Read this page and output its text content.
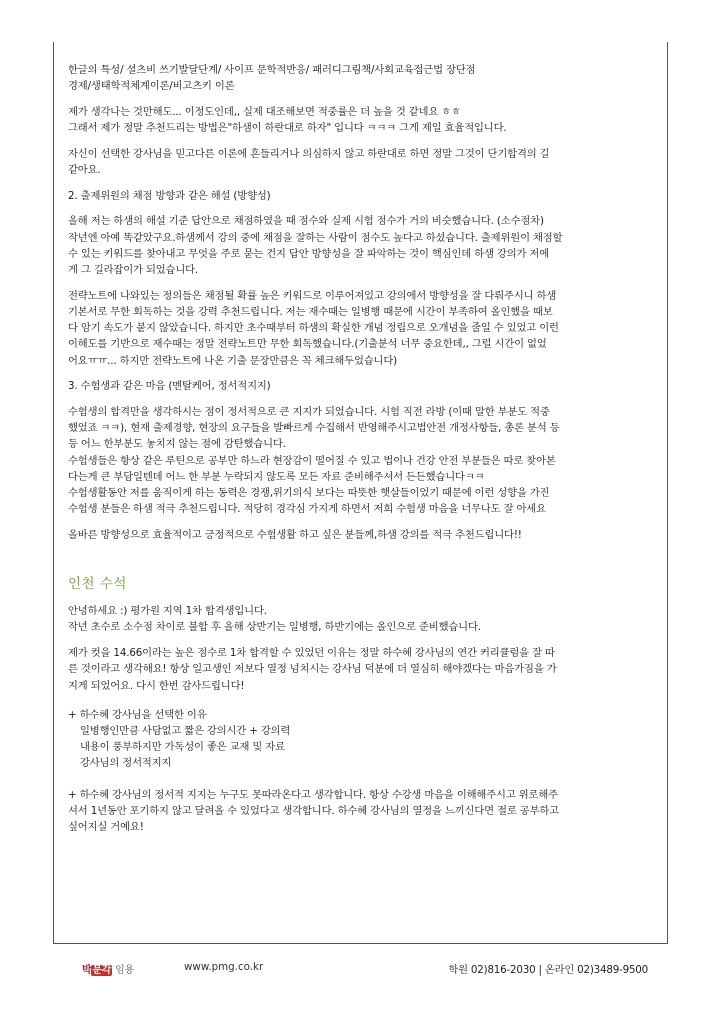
한글의 특성/ 셜츠비 쓰기발달단계/ 사이프 문학적반응/ 패러디그림책/사회교육접근법 장단점
경제/생태학적체계이론/비고츠키 이론

제가 생각나는 것만해도... 이정도인데,, 실제 대조해보면 적중률은 더 높을 것 같네요 ㅎㅎ
그래서 제가 정말 추천드리는 방법은"하샘이 하란대로 하자" 입니다 ㅋㅋㅋ 그게 제일 효율적입니다.

자신이 선택한 강사님을 믿고다른 이론에 흔들리거나 의심하지 않고 하란대로 하면 정말 그것이 단기합격의 길
같아요.

2. 출제위원의 채점 방향과 같은 해설 (방향성)

올해 저는 하샘의 해설 기준 답안으로 채점하였을 때 점수와 실제 시험 점수가 거의 비슷했습니다. (소수점차)
작년엔 아예 똑같았구요.하샘께서 강의 중에 채점을 잘하는 사람이 점수도 높다고 하셨습니다. 출제위원이 채점할
수 있는 키워드를 찾아내고 무엇을 주로 묻는 건지 답안 방향성을 잘 파악하는 것이 핵심인데 하샘 강의가 저에
게 그 길라잡이가 되었습니다.

전략노트에 나와있는 정의들은 채점될 확률 높은 키워드로 이루어져있고 강의에서 방향성을 잘 다뤄주시니 하샘
기본서로 무한 회독하는 것을 강력 추천드립니다. 저는 재수때는 일병행 때문에 시간이 부족하여 올인했을 때보
다 암기 속도가 붙지 않았습니다. 하지만 초수때부터 하샘의 확실한 개념 정립으로 오개념을 줄일 수 있었고 이런
이해도를 기반으로 재수때는 정말 전략노트만 무한 회독했습니다.(기출분석 너무 중요한데,, 그럴 시간이 없었
어요ㅠㅠ... 하지만 전략노트에 나온 기출 문장만큼은 꼭 체크해두었습니다)

3. 수험생과 같은 마음 (멘탈케어, 정서적지지)

수험생의 합격만을 생각하시는 점이 정서적으로 큰 지지가 되었습니다. 시험 직전 라방 (이때 말한 부분도 적중
했었죠 ㅋㅋ), 현재 출제경향, 현장의 요구들을 발빠르게 수집해서 반영해주시고법안전 개정사항들, 총론 분석 등
등 어느 한부분도 놓치지 않는 점에 감탄했습니다.
수험생들은 항상 같은 루틴으로 공부만 하느라 현장감이 떨어질 수 있고 법이나 건강 안전 부분들은 따로 찾아본
다는게 큰 부담일텐데 어느 한 부분 누락되지 않도록 모든 자료 준비해주셔서 든든했습니다ㅋㅋ
수험생활동안 저를 움직이게 하는 동력은 경쟁,위기의식 보다는 따뜻한 햇살들이었기 때문에 이런 성향을 가진
수험생 분들은 하샘 적극 추천드립니다. 적당히 경각심 가지게 하면서 저희 수험생 마음을 너무나도 잘 아세요

올바른 방향성으로 효율적이고 긍정적으로 수험생활 하고 싶은 분들께,하샘 강의를 적극 추천드립니다!!

인천 수석

안녕하세요 :) 평가원 지역 1차 합격생입니다.
작년 초수로 소수점 차이로 불합 후 올해 상반기는 일병행, 하반기에는 올인으로 준비했습니다.

제가 컷을 14.66이라는 높은 점수로 1차 합격할 수 있었던 이유는 정말 하수혜 강사님의 연간 커리큘럼을 잘 따
른 것이라고 생각해요! 항상 일고생인 저보다 열정 넘치시는 강사님 덕분에 더 열심히 해야겠다는 마음가짐을 가
지게 되었어요. 다시 한번 감사드립니다!

+ 하수혜 강사님을 선택한 이유
일병행인만큼 사담없고 짧은 강의시간 + 강의력
내용이 풍부하지만 가독성이 좋은 교재 및 자료
강사님의 정서적지지

+ 하수혜 강사님의 정서적 지지는 누구도 못따라온다고 생각합니다. 항상 수강생 마음을 이해해주시고 위로해주
셔서 1년동안 포기하지 않고 달려올 수 있었다고 생각합니다. 하수혜 강사님의 열정을 느끼신다면 절로 공부하고
싶어지실 거예요!

박문각 임용	www.pmg.co.kr	학원 02)816-2030 | 온라인 02)3489-9500
